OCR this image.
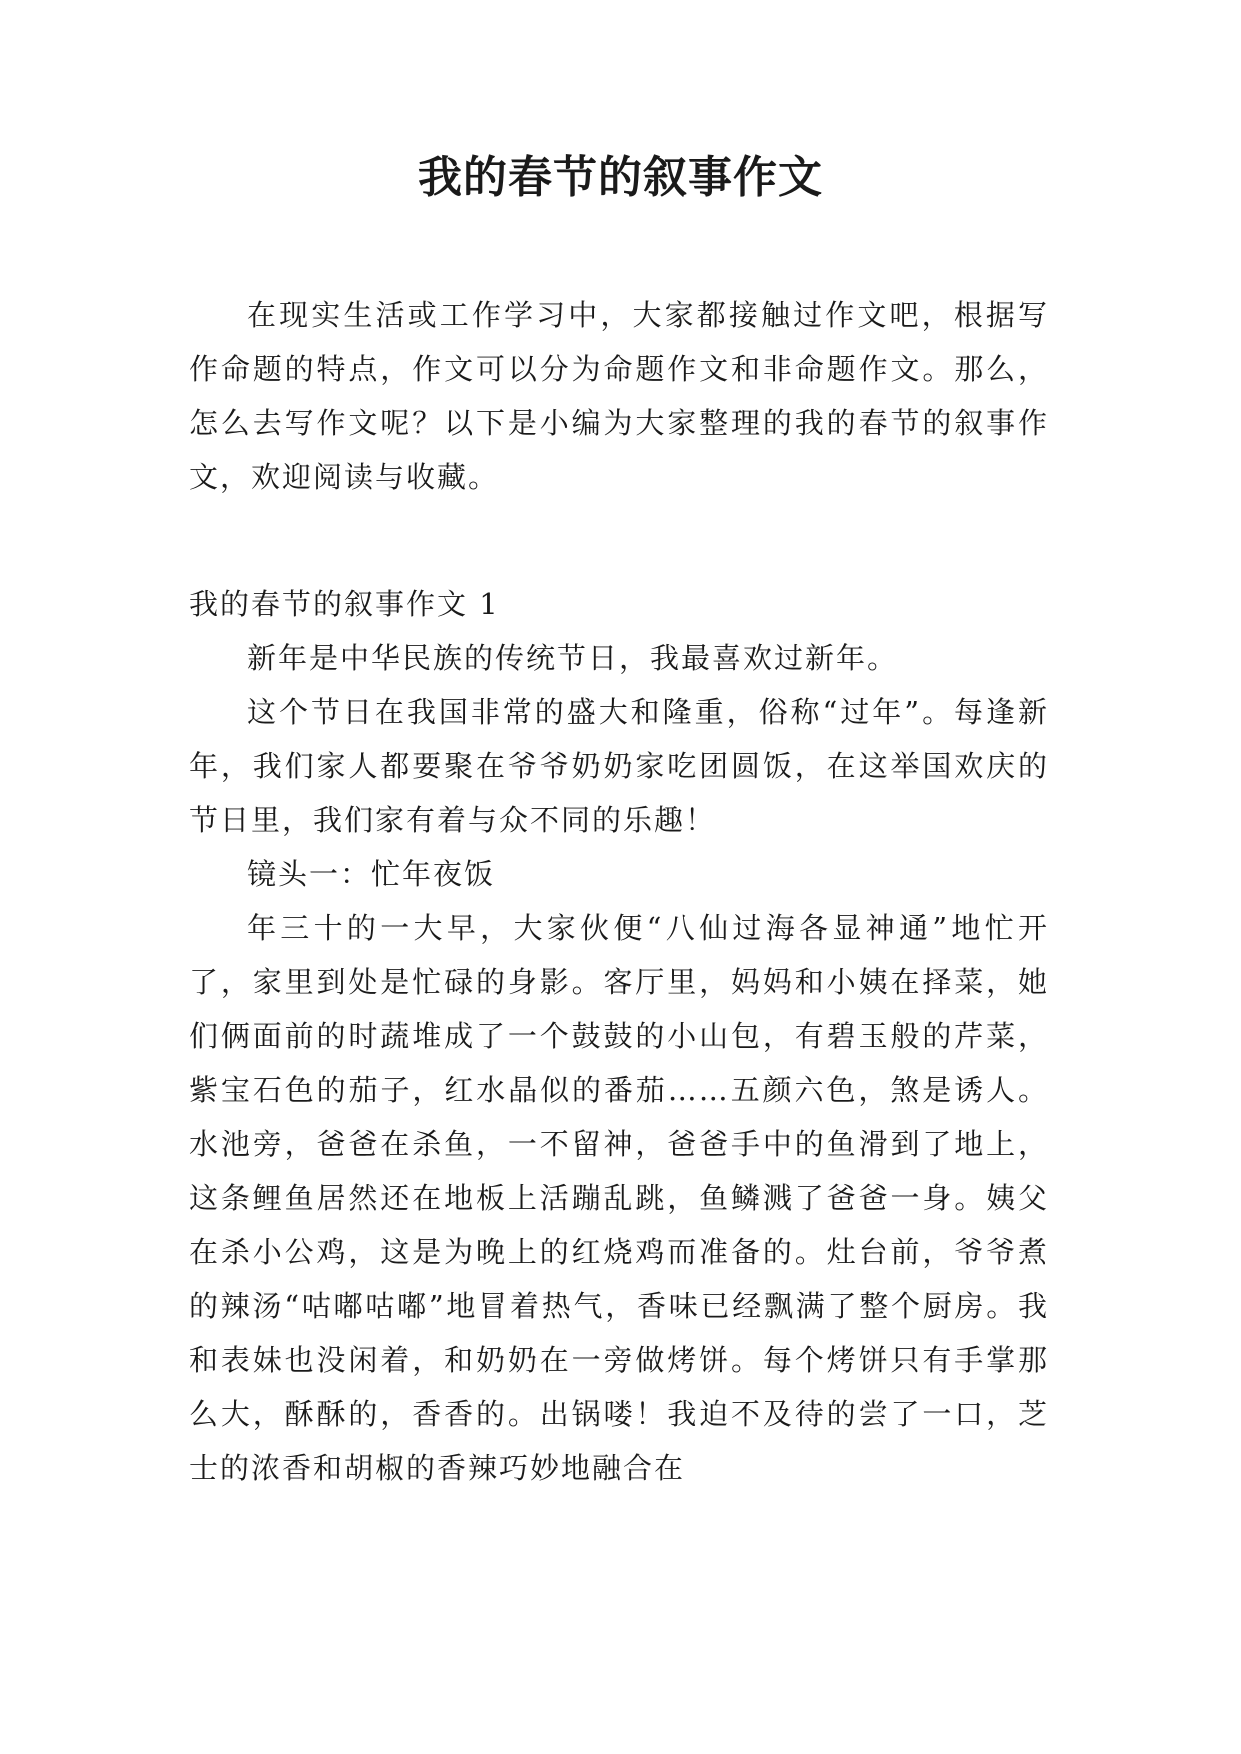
我的春节的叙事作文

在现实生活或工作学习中，大家都接触过作文吧，根据写作命题的特点，作文可以分为命题作文和非命题作文。那么，怎么去写作文呢？以下是小编为大家整理的我的春节的叙事作文，欢迎阅读与收藏。

我的春节的叙事作文 1

新年是中华民族的传统节日，我最喜欢过新年。

这个节日在我国非常的盛大和隆重，俗称“过年”。每逢新年，我们家人都要聚在爷爷奶奶家吃团圆饭，在这举国欢庆的节日里，我们家有着与众不同的乐趣！

镜头一：忙年夜饭

年三十的一大早，大家伙便“八仙过海各显神通”地忙开了，家里到处是忙碌的身影。客厅里，妈妈和小姨在择菜，她们俩面前的时蔬堆成了一个鼓鼓的小山包，有碧玉般的芹菜，紫宝石色的茄子，红水晶似的番茄……五颜六色，煞是诱人。水池旁，爸爸在杀鱼，一不留神，爸爸手中的鱼滑到了地上，这条鲤鱼居然还在地板上活蹦乱跳，鱼鳞溅了爸爸一身。姨父在杀小公鸡，这是为晚上的红烧鸡而准备的。灶台前，爷爷煮的辣汤“咕嘟咕嘟”地冒着热气，香味已经飘满了整个厨房。我和表妹也没闲着，和奶奶在一旁做烤饼。每个烤饼只有手掌那么大，酥酥的，香香的。出锅喽！我迫不及待的尝了一口，芝士的浓香和胡椒的香辣巧妙地融合在
